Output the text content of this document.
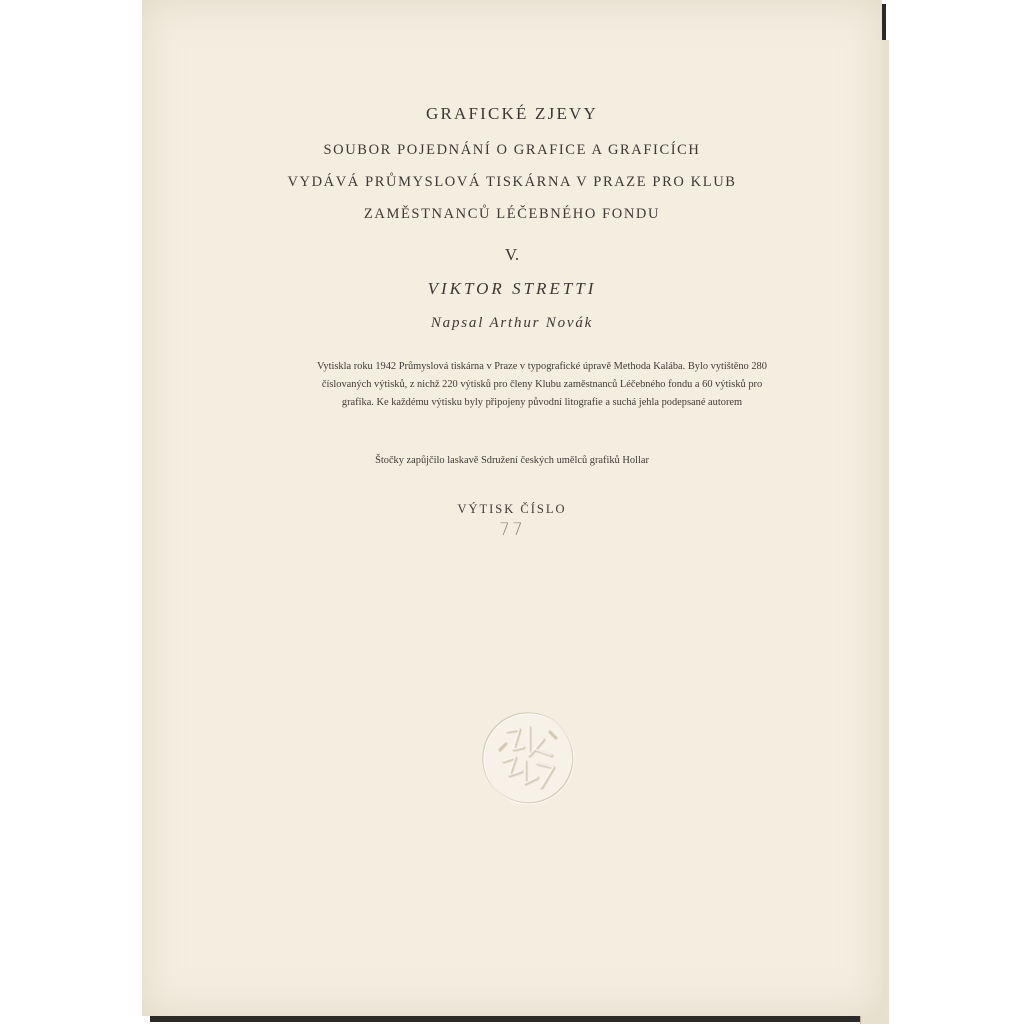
GRAFICKÉ ZJEVY

SOUBOR POJEDNÁNÍ O GRAFICE A GRAFICÍCH

VYDÁVÁ PRŮMYSLOVÁ TISKÁRNA V PRAZE PRO KLUB

ZAMĚSTNANCŮ LÉČEBNÉHO FONDU

V.

VIKTOR STRETTI

Napsal Arthur Novák

Vytiskla roku 1942 Průmyslová tiskárna v Praze v typografické úpravě Methoda Kalába. Bylo vytištěno 280 číslovaných výtisků, z nichž 220 výtisků pro členy Klubu zaměstnanců Léčebného fondu a 60 výtisků pro grafika. Ke každému výtisku byly připojeny původní litografie a suchá jehla podepsané autorem
Štočky zapůjčilo laskavě Sdružení českých umělců grafiků Hollar
VÝTISK ČÍSLO
77
